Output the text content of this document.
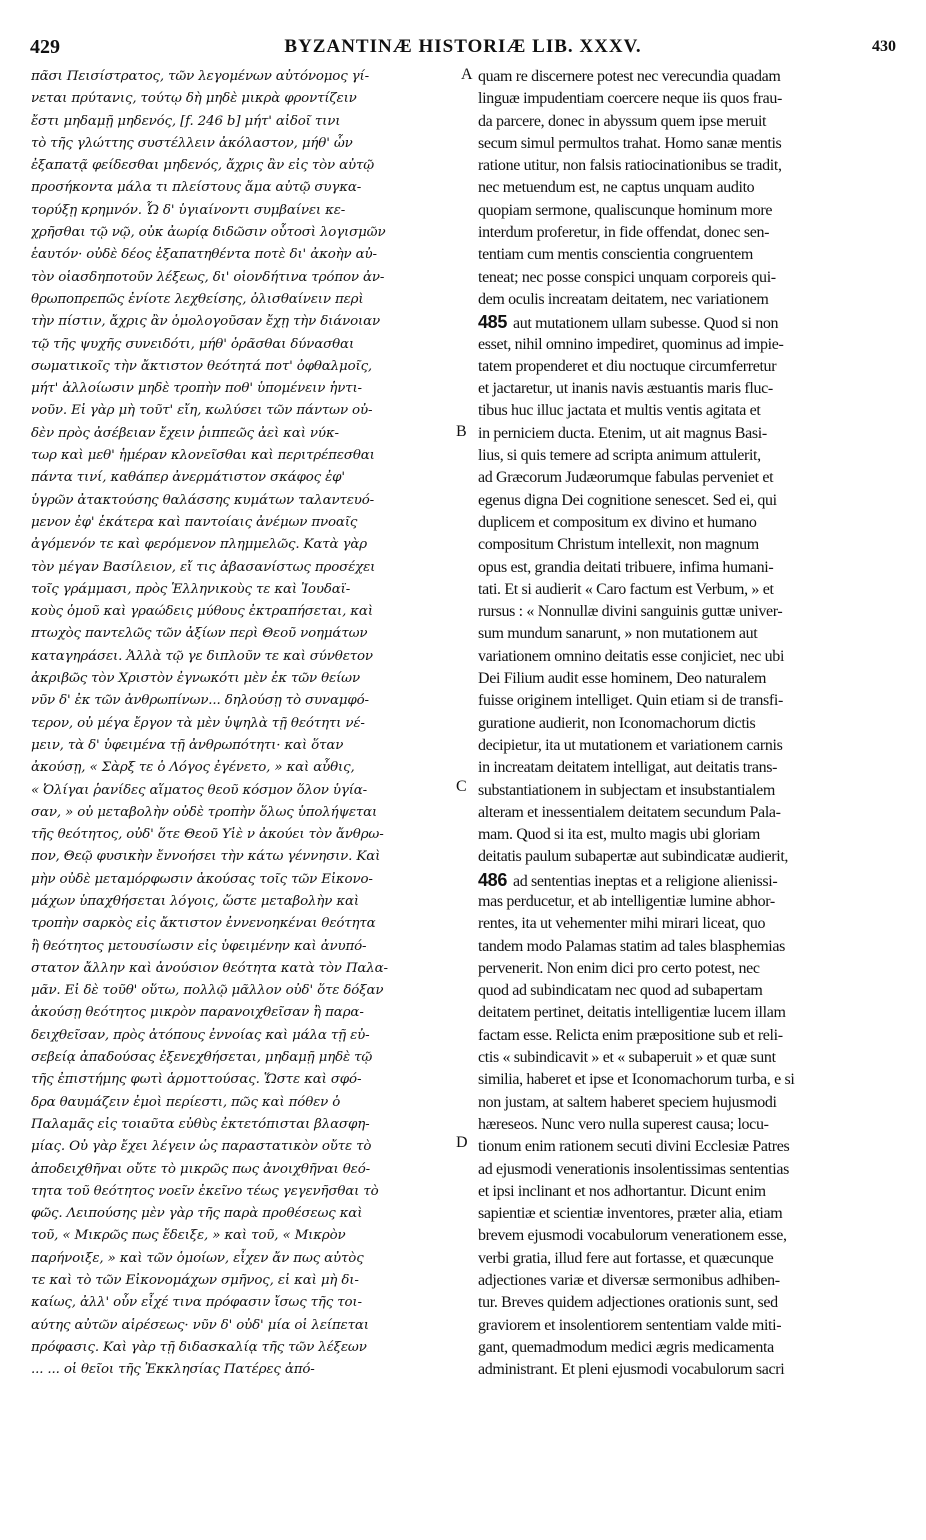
429	BYZANTINÆ HISTORIÆ LIB. XXXV.	430
πᾶσι Πεισίστρατος, τῶν λεγομένων αὐτόνομος γί-
νεται πρύτανις, τούτῳ δὴ μηδὲ μικρὰ φροντίζειν
ἔστι μηδαμῇ μηδενός, [f. 246 b] μήτ' αἰδοῖ τινι
τὸ τῆς γλώττης συστέλλειν ἀκόλαστον, μήθ' ὧν
ἐξαπατᾷ φείδεσθαι μηδενός, ἄχρις ἂν εἰς τὸν αὐτῷ
προσήκοντα μάλα τι πλείστους ἅμα αὐτῷ συγκα-
τορύξῃ κρημνόν. Ὧ δ' ὑγιαίνοντι συμβαίνει κε-
χρῆσθαι τῷ νῷ, οὐκ ἀωρίᾳ διδῶσιν οὗτοσὶ λογισμῶν
ἑαυτόν· οὐδὲ δέος ἐξαπατηθέντα ποτὲ δι' ἀκοὴν αὐ-
τὸν οἱασδηποτοῦν λέξεως, δι' οἱονδήτινα τρόπον ἀν-
θρωποπρεπῶς ἐνίοτε λεχθείσης, ὀλισθαίνειν περὶ
τὴν πίστιν, ἄχρις ἂν ὁμολογοῦσαν ἔχῃ τὴν διάνοιαν
τῷ τῆς ψυχῆς συνειδότι, μήθ' ὁρᾶσθαι δύνασθαι
σωματικοῖς τὴν ἄκτιστον θεότητά ποτ' ὀφθαλμοῖς,
μήτ' ἀλλοίωσιν μηδὲ τροπὴν ποθ' ὑπομένειν ἡντι-
νοῦν. Εἰ γὰρ μὴ τοῦτ' εἴη, κωλύσει τῶν πάντων οὐ-
δὲν πρὸς ἀσέβειαν ἔχειν ῥιππεῶς ἀεὶ καὶ νύκ-
τωρ καὶ μεθ' ἡμέραν κλονεῖσθαι καὶ περιτρέπεσθαι
πάντα τινί, καθάπερ ἀνερμάτιστον σκάφος ἐφ'
ὑγρῶν ἀτακτούσης θαλάσσης κυμάτων ταλαντευό-
μενον ἐφ' ἑκάτερα καὶ παντοίαις ἀνέμων πνοαῖς
ἀγόμενόν τε καὶ φερόμενον πλημμελῶς. Κατὰ γὰρ
τὸν μέγαν Βασίλειον, εἴ τις ἀβασανίστως προσέχει
τοῖς γράμμασι, πρὸς Ἑλληνικοὺς τε καὶ Ἰουδαϊ-
κοὺς ὁμοῦ καὶ γραώδεις μύθους ἐκτραπήσεται, καὶ
πτωχὸς παντελῶς τῶν ἀξίων περὶ Θεοῦ νοημάτων
καταγηράσει. Ἀλλὰ τῷ γε διπλοῦν τε καὶ σύνθετον
ἀκριβῶς τὸν Χριστὸν ἐγνωκότι μὲν ἐκ τῶν θείων
νῦν δ' ἐκ τῶν ἀνθρωπίνων... δηλούσῃ τὸ συναμφό-
τερον, οὐ μέγα ἔργον τὰ μὲν ὑψηλὰ τῇ θεότητι νέ-
μειν, τὰ δ' ὑφειμένα τῇ ἀνθρωπότητι· καὶ ὅταν
ἀκούσῃ, « Σὰρξ τε ὁ Λόγος ἐγένετο, » καὶ αὖθις,
« Ὀλίγαι ῥανίδες αἵματος θεοῦ κόσμον ὅλον ὑγία-
σαν, » οὐ μεταβολὴν οὐδὲ τροπὴν ὅλως ὑπολήψεται
τῆς θεότητος, οὐδ' ὅτε Θεοῦ Υἱὲ ν ἀκούει τὸν ἄνθρω-
πον, Θεῷ φυσικὴν ἔννοήσει τὴν κάτω γέννησιν. Καὶ
μὴν οὐδὲ μεταμόρφωσιν ἀκούσας τοῖς τῶν Εἰκονο-
μάχων ὑπαχθήσεται λόγοις, ὥστε μεταβολὴν καὶ
τροπὴν σαρκὸς εἰς ἄκτιστον ἐννενοηκέναι θεότητα
ἢ θεότητος μετουσίωσιν εἰς ὑφειμένην καὶ ἀνυπό-
στατον ἄλλην καὶ ἀνούσιον θεότητα κατὰ τὸν Παλα-
μᾶν. Εἰ δὲ τοῦθ' οὕτω, πολλῷ μᾶλλον οὐδ' ὅτε δόξαν
ἀκούσῃ θεότητος μικρὸν παρανοιχθεῖσαν ἢ παρα-
δειχθεῖσαν, πρὸς ἀτόπους ἐννοίας καὶ μάλα τῇ εὐ-
σεβείᾳ ἀπαδούσας ἐξενεχθήσεται, μηδαμῇ μηδὲ τῷ
τῆς ἐπιστήμης φωτὶ ἁρμοττούσας. Ὥστε καὶ σφό-
δρα θαυμάζειν ἐμοὶ περίεστι, πῶς καὶ πόθεν ὁ
Παλαμᾶς εἰς τοιαῦτα εὐθὺς ἐκτετόπισται βλασφη-
μίας. Οὐ γὰρ ἔχει λέγειν ὡς παραστατικὸν οὔτε τὸ
ἀποδειχθῆναι οὔτε τὸ μικρῶς πως ἀνοιχθῆναι θεό-
τητα τοῦ θεότητος νοεῖν ἐκεῖνο τέως γεγενῆσθαι τὸ
φῶς. Λειπούσης μὲν γὰρ τῆς παρὰ προθέσεως καὶ
τοῦ, « Μικρῶς πως ἔδειξε, » καὶ τοῦ, « Μικρὸν
παρήνοιξε, » καὶ τῶν ὁμοίων, εἶχεν ἄν πως αὐτὸς
τε καὶ τὸ τῶν Εἰκονομάχων σμῆνος, εἰ καὶ μὴ δι-
καίως, ἀλλ' οὖν εἶχέ τινα πρόφασιν ἴσως τῆς τοι-
αύτης αὐτῶν αἱρέσεως· νῦν δ' οὐδ' μία οἱ λείπεται
πρόφασις. Καὶ γὰρ τῇ διδασκαλίᾳ τῆς τῶν λέξεων
... ... οἱ θεῖοι τῆς Ἐκκλησίας Πατέρες ἀπό-
quam re discernere potest nec verecundia quadam
linguæ impudentiam coercere neque iis quos frau-
da parcere, donec in abyssum quem ipse meruit
secum simul permultos trahat. Homo sanæ mentis
ratione utitur, non falsis ratiocinationibus se tradit,
nec metuendum est, ne captus unquam audito
quopiam sermone, qualiscunque hominum more
interdum proferetur, in fide offendat, donec sen-
tentiam cum mentis conscientia congruentem
teneat; nec posse conspici unquam corporeis qui-
dem oculis increatam deitatem, nec variationem
485 aut mutationem ullam subesse. Quod si non
esset, nihil omnino impediret, quominus ad impie-
tatem propenderet et diu noctuque circumferretur
et jactaretur, ut inanis navis æstuantis maris fluc-
tibus huc illuc jactata et multis ventis agitata et
in perniciem ducta. Etenim, ut ait magnus Basi-
lius, si quis temere ad scripta animum attulerit,
ad Græcorum Judæorumque fabulas perveniet et
egenus digna Dei cognitione senescet. Sed ei, qui
duplicem et compositum ex divino et humano
compositum Christum intellexit, non magnum
opus est, grandia deitati tribuere, infima humani-
tati. Et si audierit « Caro factum est Verbum, » et
rursus : « Nonnullæ divini sanguinis guttæ univer-
sum mundum sanarunt, » non mutationem aut
variationem omnino deitatis esse conjiciet, nec ubi
Dei Filium audit esse hominem, Deo naturalem
fuisse originem intelliget. Quin etiam si de transfi-
guratione audierit, non Iconomachorum dictis
decipietur, ita ut mutationem et variationem carnis
in increatam deitatem intelligat, aut deitatis trans-
substantiationem in subjectam et insubstantialem
alteram et inessentialem deitatem secundum Pala-
mam. Quod si ita est, multo magis ubi gloriam
deitatis paulum subapertæ aut subindicatæ audierit,
486 ad sententias ineptas et a religione alienissi-
mas perducetur, et ab intelligentiæ lumine abhor-
rentes, ita ut vehementer mihi mirari liceat, quo
tandem modo Palamas statim ad tales blasphemias
pervenerit. Non enim dici pro certo potest, nec
quod ad subindicatam nec quod ad subapertam
deitatem pertinet, deitatis intelligentiæ lucem illam
factam esse. Relicta enim præpositione sub et reli-
ctis « subindicavit » et « subaperuit » et quæ sunt
similia, haberet et ipse et Iconomachorum turba, e si
non justam, at saltem haberet speciem hujusmodi
hæreseos. Nunc vero nulla superest causa; locu-
tionum enim rationem secuti divini Ecclesiæ Patres
ad ejusmodi venerationis insolentissimas sententias
et ipsi inclinant et nos adhortantur. Dicunt enim
sapientiæ et scientiæ inventores, præter alia, etiam
brevem ejusmodi vocabulorum venerationem esse,
verbi gratia, illud fere aut fortasse, et quæcunque
adjectiones variæ et diversæ sermonibus adhiben-
tur. Breves quidem adjectiones orationis sunt, sed
graviorem et insolentiorem sententiam valde miti-
gant, quemadmodum medici ægris medicamenta
administrant. Et pleni ejusmodi vocabulorum sacri
A
B
C
D
